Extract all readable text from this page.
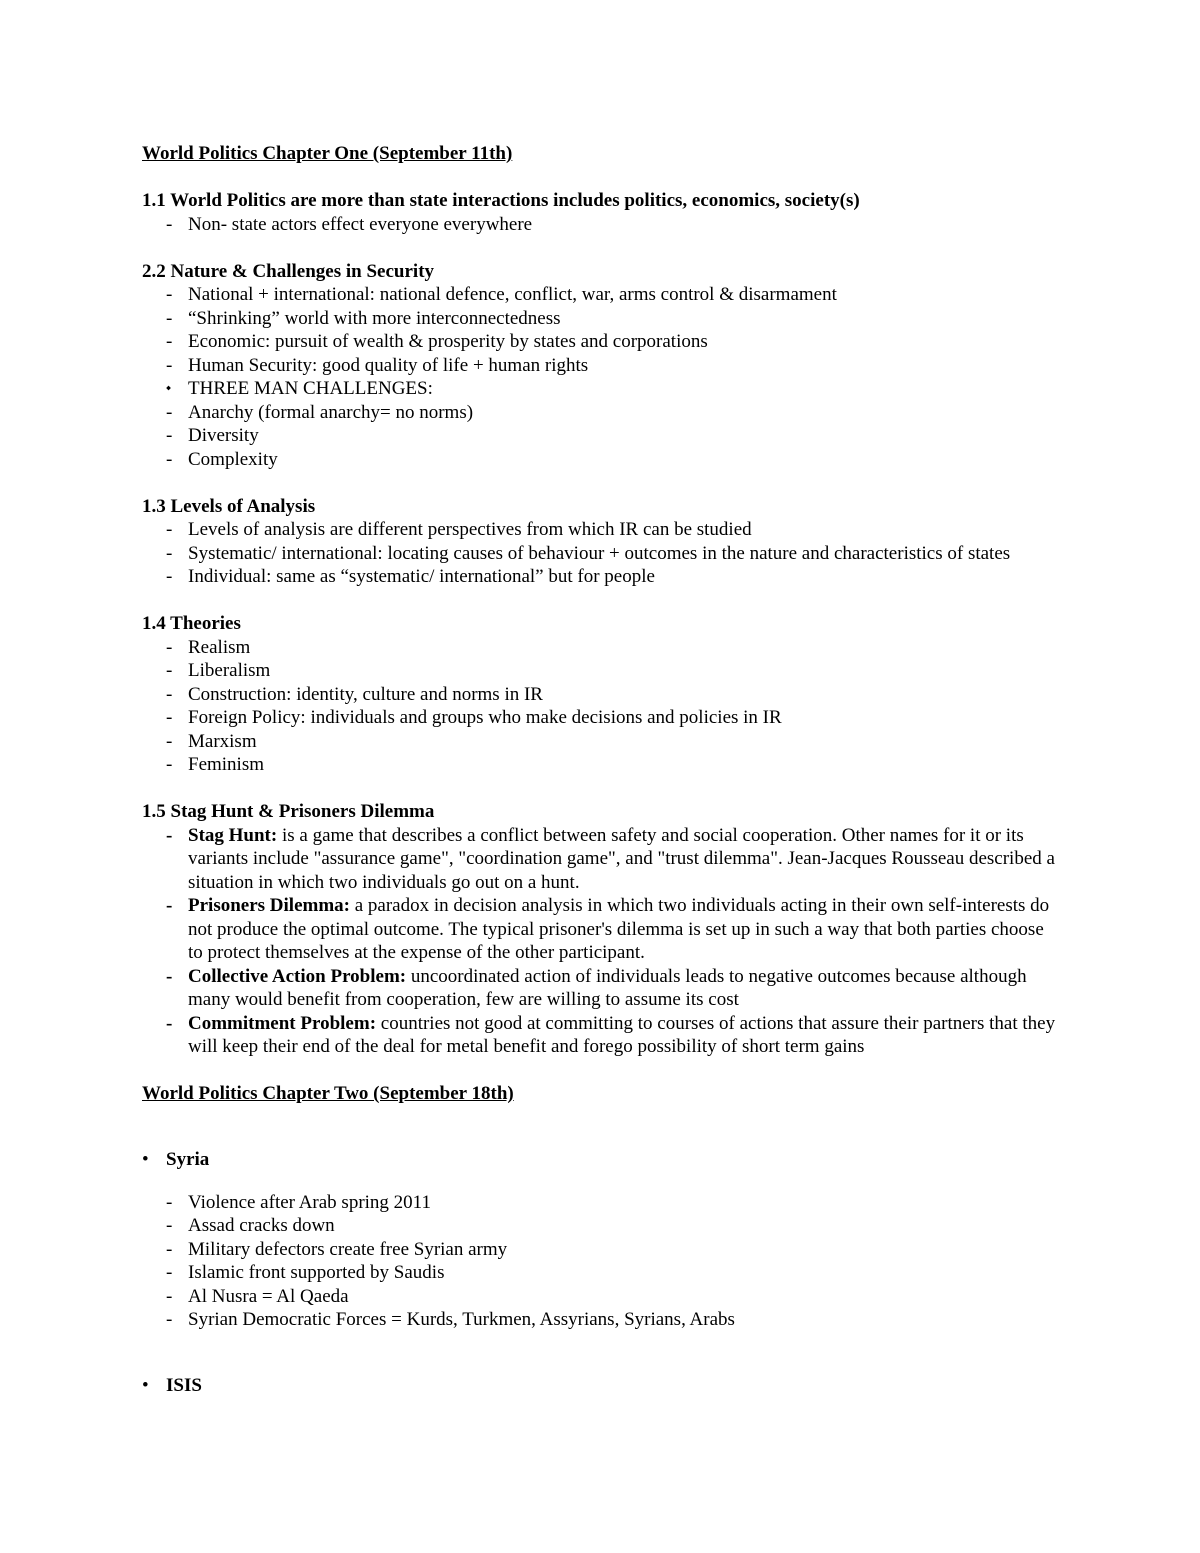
World Politics Chapter One (September 11th)

1.1 World Politics are more than state interactions includes politics, economics, society(s)

- Non- state actors effect everyone everywhere

2.2 Nature & Challenges in Security

- National + international: national defence, conflict, war, arms control & disarmament
- “Shrinking” world with more interconnectedness
- Economic: pursuit of wealth & prosperity by states and corporations
- Human Security: good quality of life + human rights
⬩ THREE MAN CHALLENGES:
- Anarchy (formal anarchy= no norms)
- Diversity
- Complexity

1.3 Levels of Analysis

- Levels of analysis are different perspectives from which IR can be studied
- Systematic/ international: locating causes of behaviour + outcomes in the nature and characteristics of states
- Individual: same as “systematic/ international” but for people

1.4 Theories

- Realism
- Liberalism
- Construction: identity, culture and norms in IR
- Foreign Policy: individuals and groups who make decisions and policies in IR
- Marxism
- Feminism

1.5 Stag Hunt & Prisoners Dilemma

- Stag Hunt: is a game that describes a conflict between safety and social cooperation. Other names for it or its variants include "assurance game", "coordination game", and "trust dilemma". Jean-Jacques Rousseau described a situation in which two individuals go out on a hunt.
- Prisoners Dilemma: a paradox in decision analysis in which two individuals acting in their own self-interests do not produce the optimal outcome. The typical prisoner's dilemma is set up in such a way that both parties choose to protect themselves at the expense of the other participant.
- Collective Action Problem: uncoordinated action of individuals leads to negative outcomes because although many would benefit from cooperation, few are willing to assume its cost
- Commitment Problem: countries not good at committing to courses of actions that assure their partners that they will keep their end of the deal for metal benefit and forego possibility of short term gains

World Politics Chapter Two (September 18th)

• Syria

- Violence after Arab spring 2011
- Assad cracks down
- Military defectors create free Syrian army
- Islamic front supported by Saudis
- Al Nusra = Al Qaeda
- Syrian Democratic Forces = Kurds, Turkmen, Assyrians, Syrians, Arabs

• ISIS
